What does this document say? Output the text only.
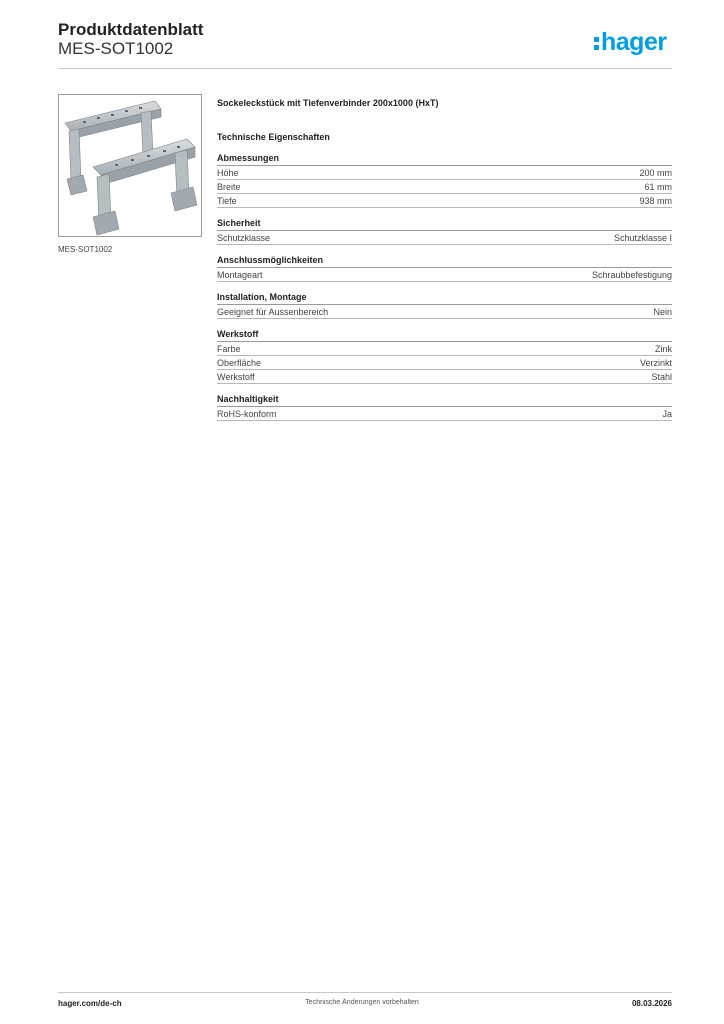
Produktdatenblatt
MES-SOT1002	hager
MES-SOT1002
Sockeleckstück mit Tiefenverbinder 200x1000 (HxT)
Technische Eigenschaften
Abmessungen
Höhe	200 mm
Breite	61 mm
Tiefe	938 mm
Sicherheit
Schutzklasse	Schutzklasse I
Anschlussmöglichkeiten
Montageart	Schraubbefestigung
Installation, Montage
Geeignet für Aussenbereich	Nein
Werkstoff
Farbe	Zink
Oberfläche	Verzinkt
Werkstoff	Stahl
Nachhaltigkeit
RoHS-konform	Ja
hager.com/de-ch	Technische Änderungen vorbehalten	08.03.2026
